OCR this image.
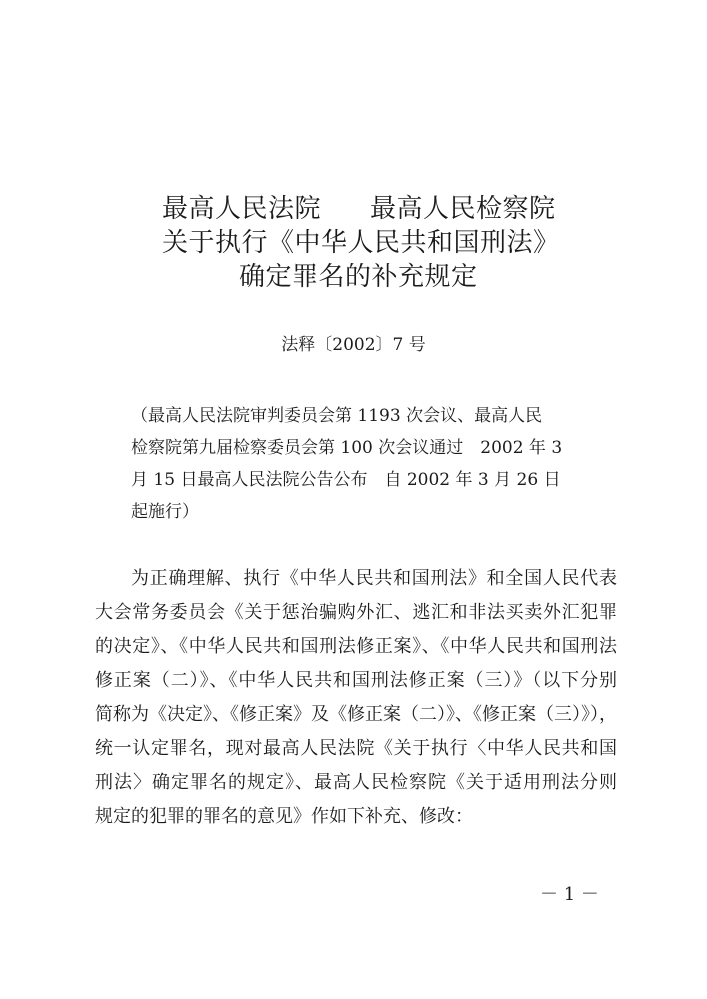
最高人民法院 最高人民检察院
关于执行《中华人民共和国刑法》
确定罪名的补充规定
法释〔2002〕7 号
（最高人民法院审判委员会第 1193 次会议、最高人民
检察院第九届检察委员会第 100 次会议通过　2002 年 3
月 15 日最高人民法院公告公布　自 2002 年 3 月 26 日
起施行）
为正确理解、执行《中华人民共和国刑法》和全国人民代表
大会常务委员会《关于惩治骗购外汇、逃汇和非法买卖外汇犯罪
的决定》、《中华人民共和国刑法修正案》、《中华人民共和国刑法
修正案（二）》、《中华人民共和国刑法修正案（三）》（以下分别
简称为《决定》、《修正案》及《修正案（二）》、《修正案（三）》），
统一认定罪名，现对最高人民法院《关于执行〈中华人民共和国
刑法〉确定罪名的规定》、最高人民检察院《关于适用刑法分则
规定的犯罪的罪名的意见》作如下补充、修改：
－ 1 －
